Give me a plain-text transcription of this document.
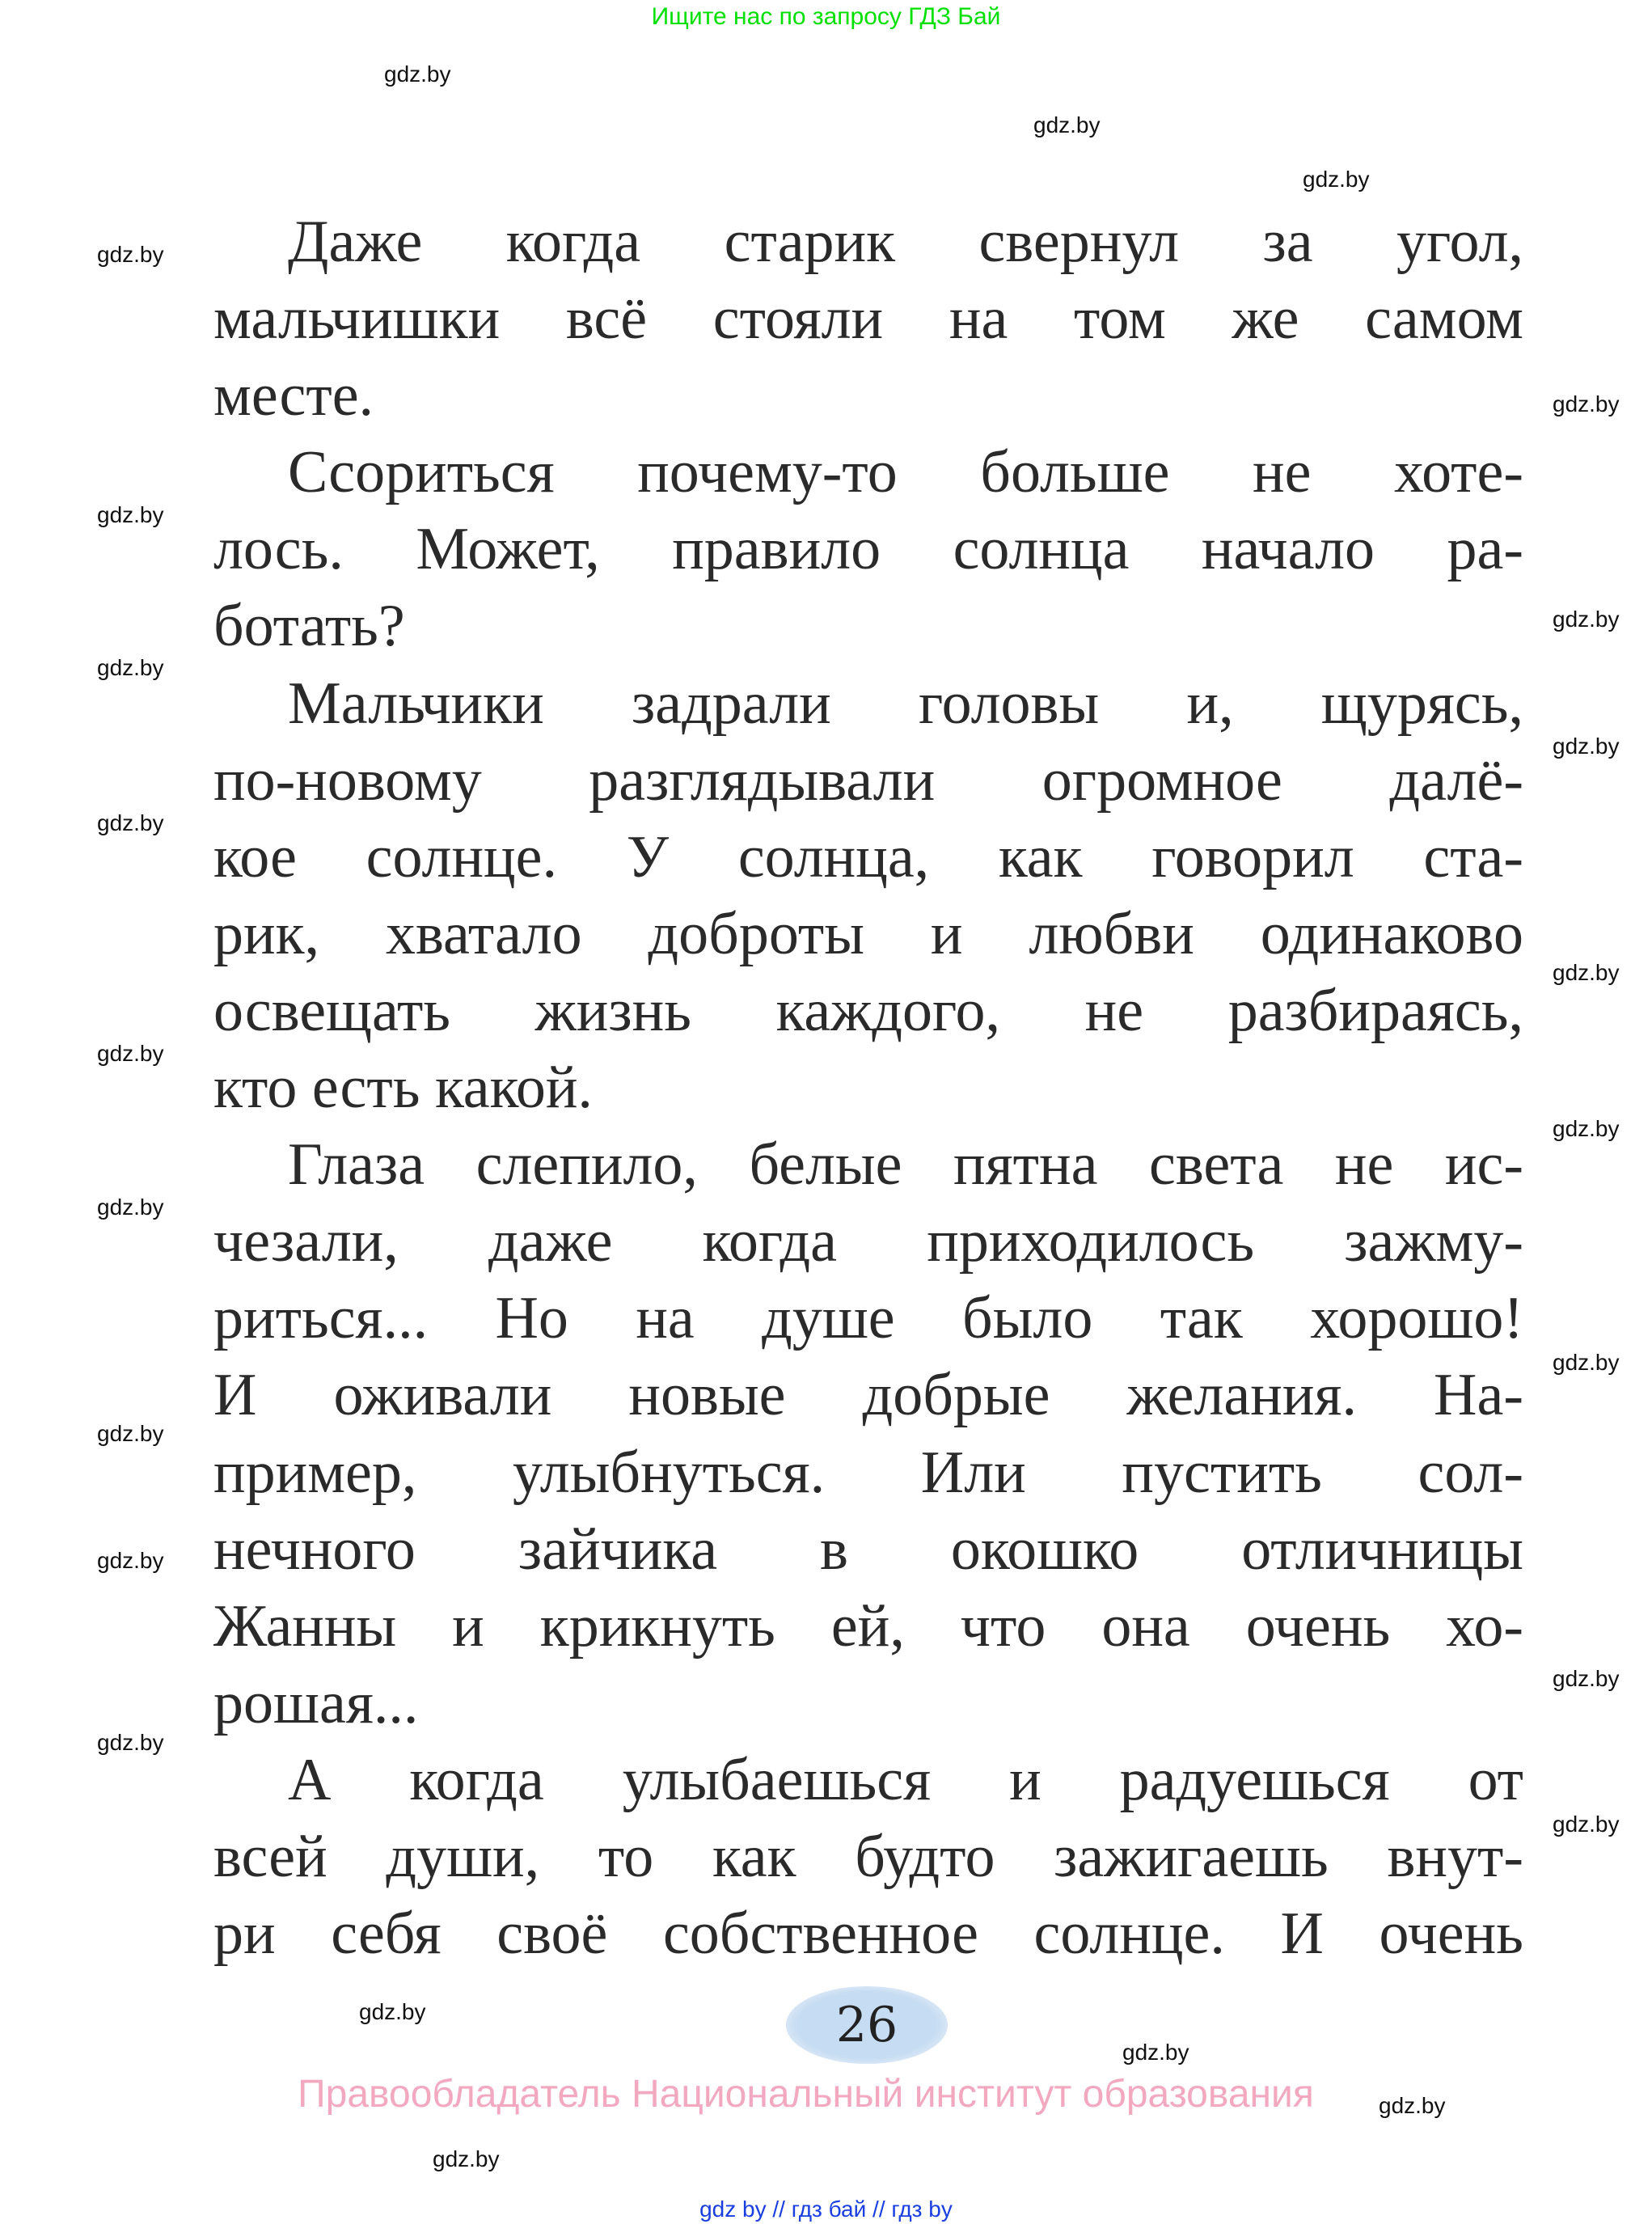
Ищите нас по запросу ГДЗ Бай
Даже когда старик свернул за угол,
мальчишки всё стояли на том же самом
месте.
Ссориться почему-то больше не хоте-
лось. Может, правило солнца начало ра-
ботать?
Мальчики задрали головы и, щурясь,
по-новому разглядывали огромное далё-
кое солнце. У солнца, как говорил ста-
рик, хватало доброты и любви одинаково
освещать жизнь каждого, не разбираясь,
кто есть какой.
Глаза слепило, белые пятна света не ис-
чезали, даже когда приходилось зажму-
риться... Но на душе было так хорошо!
И оживали новые добрые желания. На-
пример, улыбнуться. Или пустить сол-
нечного зайчика в окошко отличницы
Жанны и крикнуть ей, что она очень хо-
рошая...
А когда улыбаешься и радуешься от
всей души, то как будто зажигаешь внут-
ри себя своё собственное солнце. И очень
gdz.by
gdz.by
gdz.by
gdz.by
gdz.by
gdz.by
gdz.by
gdz.by
gdz.by
gdz.by
gdz.by
gdz.by
gdz.by
gdz.by
gdz.by
gdz.by
gdz.by
gdz.by
gdz.by
gdz.by
gdz.by
gdz.by
gdz.by
gdz.by
26
Правообладатель Национальный институт образования
gdz by // гдз бай // гдз by
